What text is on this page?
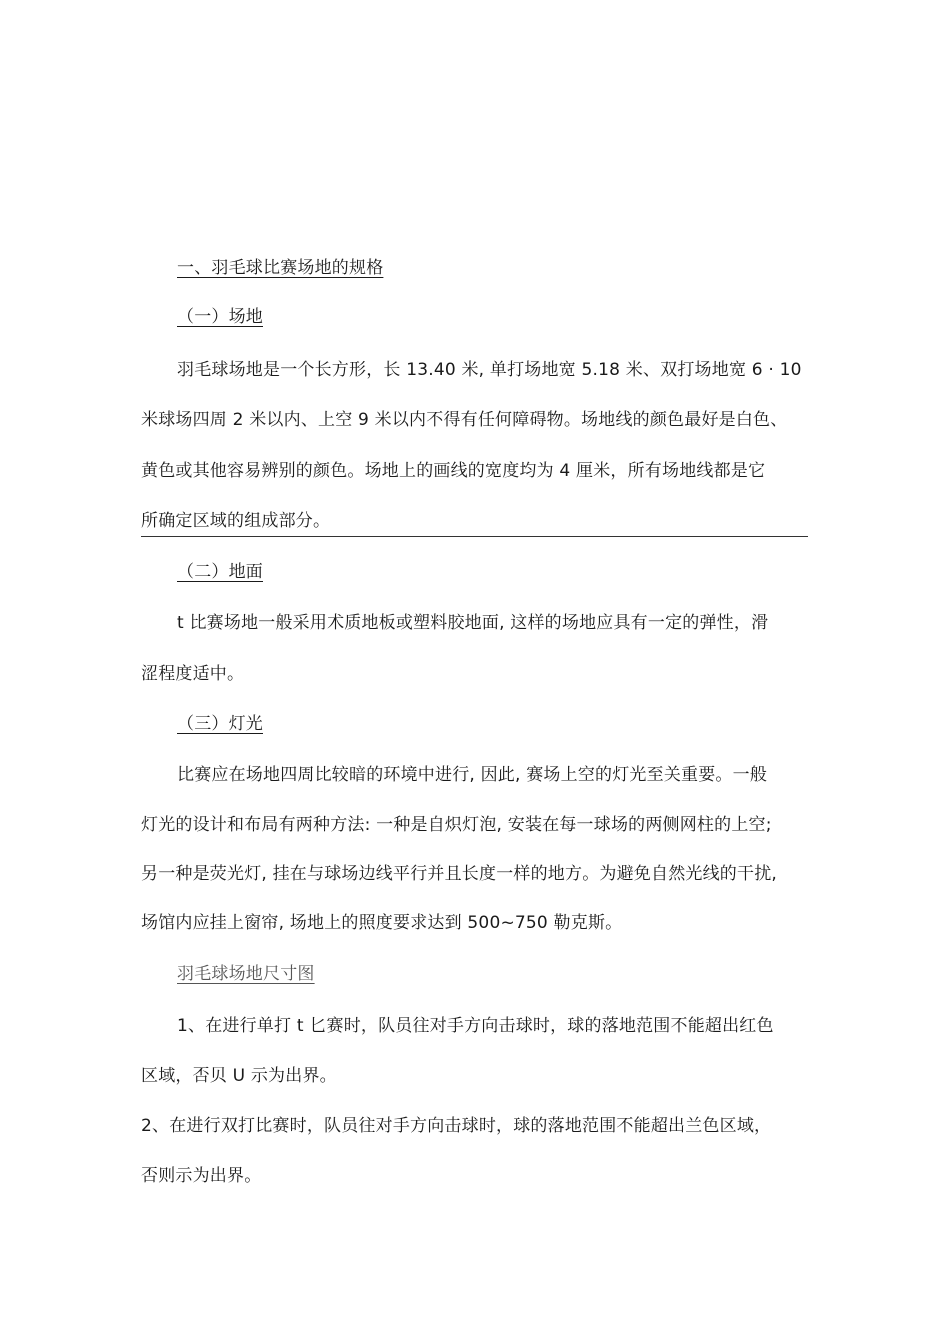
一、羽毛球比赛场地的规格
（一）场地
羽毛球场地是一个长方形，长 13.40 米, 单打场地宽 5.18 米、双打场地宽 6 · 10
米球场四周 2 米以内、上空 9 米以内不得有任何障碍物。场地线的颜色最好是白色、
黄色或其他容易辨别的颜色。场地上的画线的宽度均为 4 厘米，所有场地线都是它
所确定区域的组成部分。
（二）地面
t 比赛场地一般采用术质地板或塑料胶地面, 这样的场地应具有一定的弹性，滑
涩程度适中。
（三）灯光
比赛应在场地四周比较暗的环境中进行, 因此, 赛场上空的灯光至关重要。一般
灯光的设计和布局有两种方法: 一种是自炽灯泡, 安装在每一球场的两侧网柱的上空;
另一种是荧光灯, 挂在与球场边线平行并且长度一样的地方。为避免自然光线的干扰,
场馆内应挂上窗帘, 场地上的照度要求达到 500~750 勒克斯。
羽毛球场地尺寸图
1、在进行单打 t 匕赛时，队员往对手方向击球时，球的落地范围不能超出红色
区域，否贝 U 示为出界。
2、在进行双打比赛时，队员往对手方向击球时，球的落地范围不能超出兰色区域，
否则示为出界。
